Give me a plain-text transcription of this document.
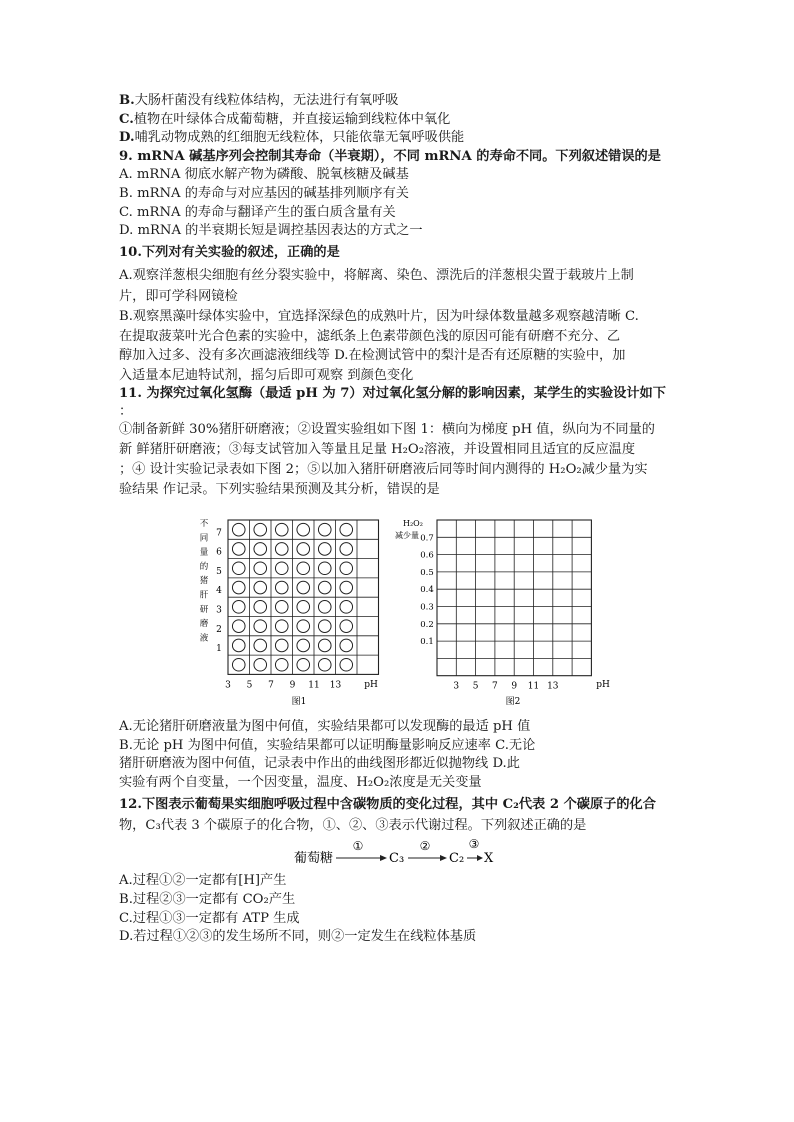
B.大肠杆菌没有线粒体结构，无法进行有氧呼吸

C.植物在叶绿体合成葡萄糖，并直接运输到线粒体中氧化

D.哺乳动物成熟的红细胞无线粒体，只能依靠无氧呼吸供能

9. mRNA 碱基序列会控制其寿命（半衰期），不同 mRNA 的寿命不同。下列叙述错误的是

A. mRNA 彻底水解产物为磷酸、脱氧核糖及碱基

B. mRNA 的寿命与对应基因的碱基排列顺序有关

C. mRNA 的寿命与翻译产生的蛋白质含量有关

D. mRNA 的半衰期长短是调控基因表达的方式之一

10.下列对有关实验的叙述，正确的是

A.观察洋葱根尖细胞有丝分裂实验中，将解离、染色、漂洗后的洋葱根尖置于载玻片上制

片，即可学科网镜检

B.观察黑藻叶绿体实验中，宜选择深绿色的成熟叶片，因为叶绿体数量越多观察越清晰 C.

在提取菠菜叶光合色素的实验中，滤纸条上色素带颜色浅的原因可能有研磨不充分、乙

醇加入过多、没有多次画滤液细线等 D.在检测试管中的梨汁是否有还原糖的实验中，加

入适量本尼迪特试剂，摇匀后即可观察 到颜色变化

11. 为探究过氧化氢酶（最适 pH 为 7）对过氧化氢分解的影响因素，某学生的实验设计如下

：

①制备新鲜 30%猪肝研磨液；②设置实验组如下图 1：横向为梯度 pH 值，纵向为不同量的

新 鲜猪肝研磨液；③每支试管加入等量且足量 H₂O₂溶液，并设置相同且适宜的反应温度

；④ 设计实验记录表如下图 2；⑤以加入猪肝研磨液后同等时间内测得的 H₂O₂减少量为实

验结果 作记录。下列实验结果预测及其分析，错误的是

不
同
量
的
猪
肝
研
磨
液
7
6
5
4
3
2
1
3 5 7 9 11 13	pH
图1
H₂O₂
减少量 0.7
0.6
0.5
0.4
0.3
0.2
0.1
3 5 7 9 11 13	pH
图2

A.无论猪肝研磨液量为图中何值，实验结果都可以发现酶的最适 pH 值

B.无论 pH 为图中何值，实验结果都可以证明酶量影响反应速率 C.无论

猪肝研磨液为图中何值，记录表中作出的曲线图形都近似抛物线 D.此

实验有两个自变量，一个因变量，温度、H₂O₂浓度是无关变量

12.下图表示葡萄果实细胞呼吸过程中含碳物质的变化过程，其中 C₂代表 2 个碳原子的化合

物，C₃代表 3 个碳原子的化合物，①、②、③表示代谢过程。下列叙述正确的是

葡萄糖
①
C₃
②
C₂
③
X

A.过程①②一定都有[H]产生

B.过程②③一定都有 CO₂产生

C.过程①③一定都有 ATP 生成

D.若过程①②③的发生场所不同，则②一定发生在线粒体基质
